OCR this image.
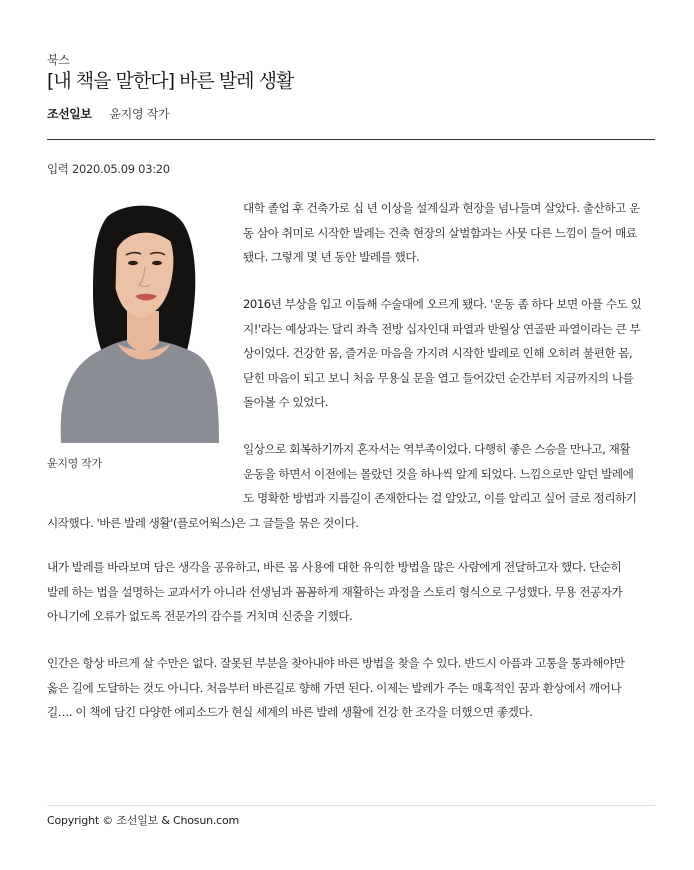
북스
[내 책을 말한다] 바른 발레 생활
조선일보 윤지영 작가
입력 2020.05.09 03:20
윤지영 작가
대학 졸업 후 건축가로 십 년 이상을 설계실과 현장을 넘나들며 살았다. 출산하고 운
동 삼아 취미로 시작한 발레는 건축 현장의 살벌함과는 사뭇 다른 느낌이 들어 매료
됐다. 그렇게 몇 년 동안 발레를 했다.
2016년 부상을 입고 이듬해 수술대에 오르게 됐다. '운동 좀 하다 보면 아플 수도 있
지!'라는 예상과는 달리 좌측 전방 십자인대 파열과 반월상 연골판 파열이라는 큰 부
상이었다. 건강한 몸, 즐거운 마음을 가지려 시작한 발레로 인해 오히려 불편한 몸,
닫힌 마음이 되고 보니 처음 무용실 문을 열고 들어갔던 순간부터 지금까지의 나를
돌아볼 수 있었다.
일상으로 회복하기까지 혼자서는 역부족이었다. 다행히 좋은 스승을 만나고, 재활
운동을 하면서 이전에는 몰랐던 것을 하나씩 알게 되었다. 느낌으로만 알던 발레에
도 명확한 방법과 지름길이 존재한다는 걸 알았고, 이를 알리고 싶어 글로 정리하기
시작했다. '바른 발레 생활'(플로어웍스)은 그 글들을 묶은 것이다.
내가 발레를 바라보며 담은 생각을 공유하고, 바른 몸 사용에 대한 유익한 방법을 많은 사람에게 전달하고자 했다. 단순히
발레 하는 법을 설명하는 교과서가 아니라 선생님과 꼼꼼하게 재활하는 과정을 스토리 형식으로 구성했다. 무용 전공자가
아니기에 오류가 없도록 전문가의 감수를 거치며 신중을 기했다.
인간은 항상 바르게 살 수만은 없다. 잘못된 부분을 찾아내야 바른 방법을 찾을 수 있다. 반드시 아픔과 고통을 통과해야만
옳은 길에 도달하는 것도 아니다. 처음부터 바른길로 향해 가면 된다. 이제는 발레가 주는 매혹적인 꿈과 환상에서 깨어나
길…. 이 책에 담긴 다양한 에피소드가 현실 세계의 바른 발레 생활에 건강 한 조각을 더했으면 좋겠다.
Copyright © 조선일보 & Chosun.com
